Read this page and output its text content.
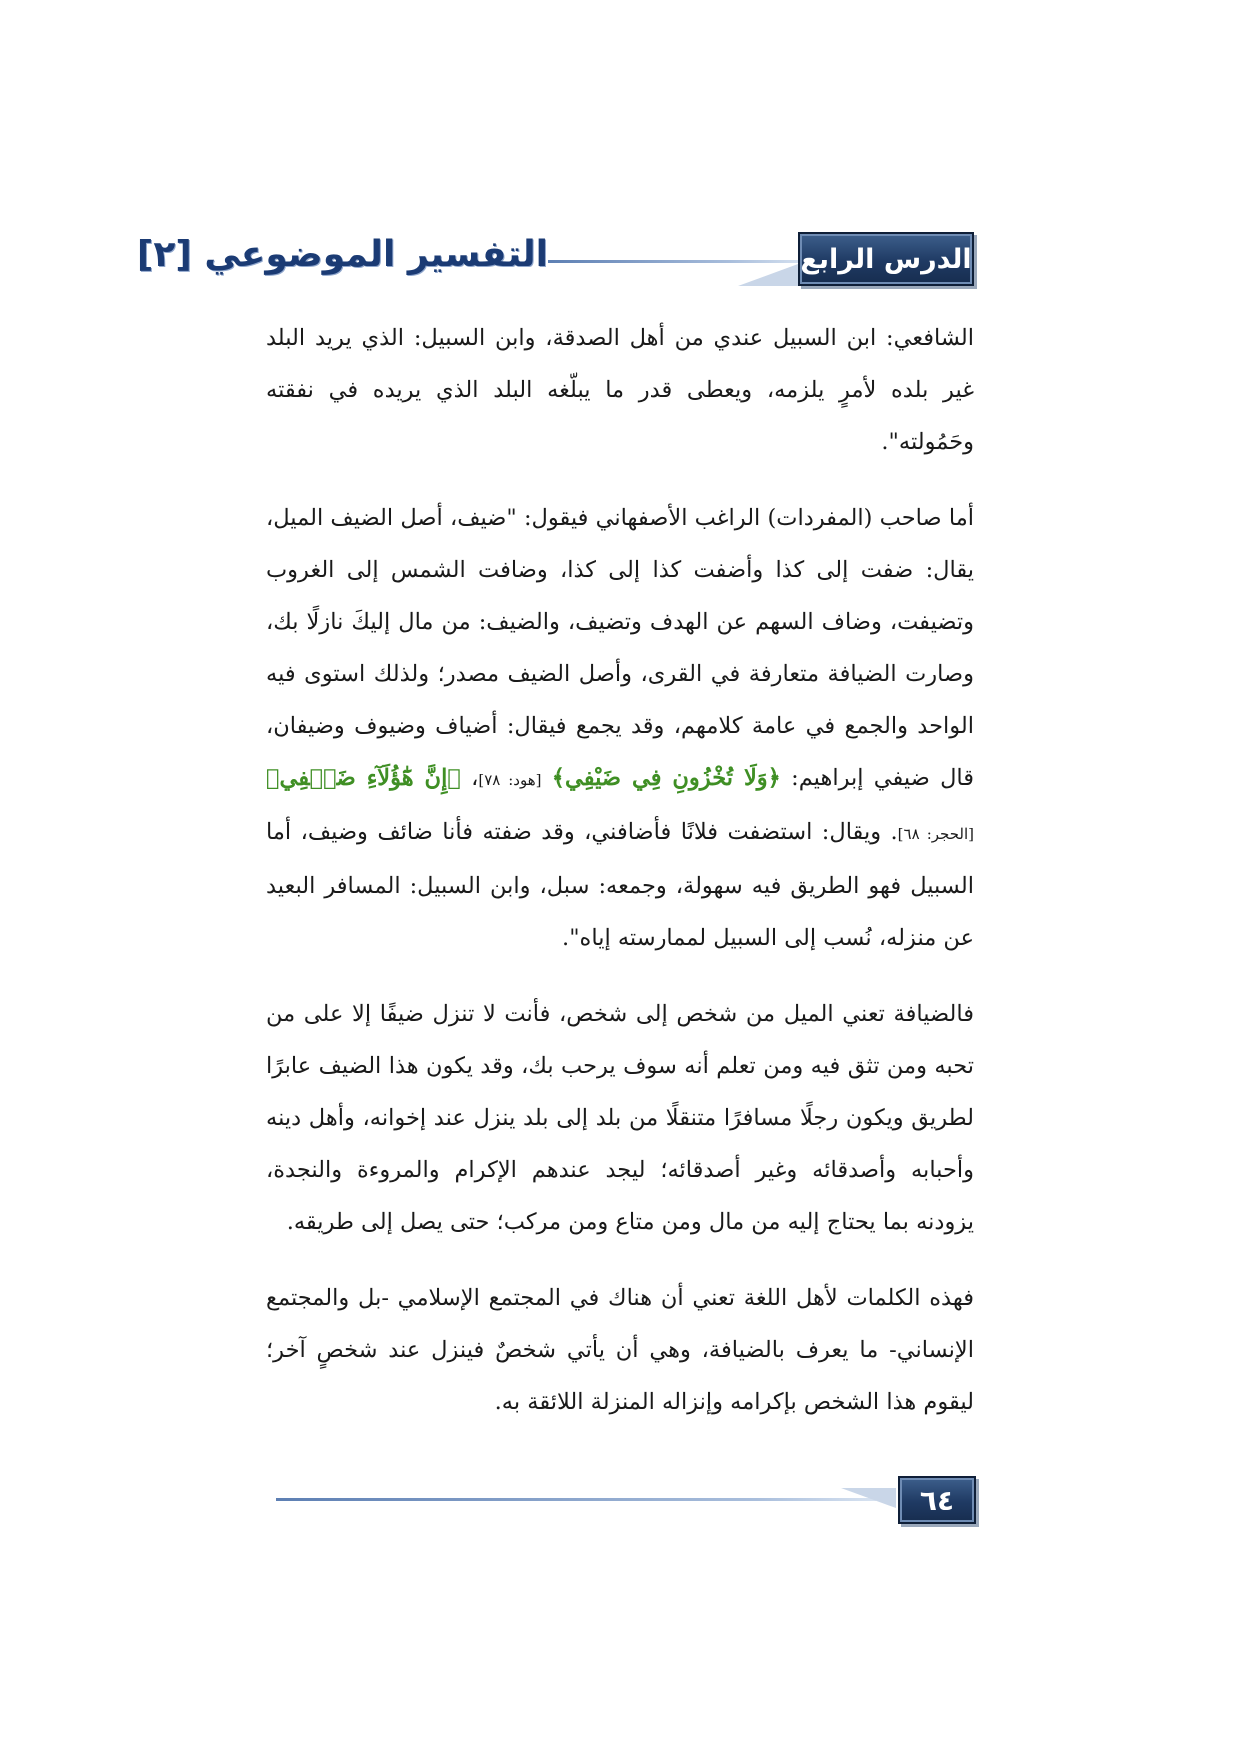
التفسير الموضوعي [٢]	الدرس الرابع

الشافعي: ابن السبيل عندي من أهل الصدقة، وابن السبيل: الذي يريد البلد غير بلده لأمرٍ يلزمه، ويعطى قدر ما يبلّغه البلد الذي يريده في نفقته وحَمُولته".

أما صاحب (المفردات) الراغب الأصفهاني فيقول: "ضيف، أصل الضيف الميل، يقال: ضفت إلى كذا وأضفت كذا إلى كذا، وضافت الشمس إلى الغروب وتضيفت، وضاف السهم عن الهدف وتضيف، والضيف: من مال إليكَ نازلًا بك، وصارت الضيافة متعارفة في القرى، وأصل الضيف مصدر؛ ولذلك استوى فيه الواحد والجمع في عامة كلامهم، وقد يجمع فيقال: أضياف وضيوف وضيفان، قال ضيفي إبراهيم: ﴿وَلَا تُخْزُونِ فِي ضَيْفِي﴾ [هود: ٧٨]، ﴿إِنَّ هَٰٓؤُلَآءِ ضَيۡفِي﴾ [الحجر: ٦٨]. ويقال: استضفت فلانًا فأضافني، وقد ضفته فأنا ضائف وضيف، أما السبيل فهو الطريق فيه سهولة، وجمعه: سبل، وابن السبيل: المسافر البعيد عن منزله، نُسب إلى السبيل لممارسته إياه".

فالضيافة تعني الميل من شخص إلى شخص، فأنت لا تنزل ضيفًا إلا على من تحبه ومن تثق فيه ومن تعلم أنه سوف يرحب بك، وقد يكون هذا الضيف عابرًا لطريق ويكون رجلًا مسافرًا متنقلًا من بلد إلى بلد ينزل عند إخوانه، وأهل دينه وأحبابه وأصدقائه وغير أصدقائه؛ ليجد عندهم الإكرام والمروءة والنجدة، يزودنه بما يحتاج إليه من مال ومن متاع ومن مركب؛ حتى يصل إلى طريقه.

فهذه الكلمات لأهل اللغة تعني أن هناك في المجتمع الإسلامي -بل والمجتمع الإنساني- ما يعرف بالضيافة، وهي أن يأتي شخصٌ فينزل عند شخصٍ آخر؛ ليقوم هذا الشخص بإكرامه وإنزاله المنزلة اللائقة به.

٦٤
